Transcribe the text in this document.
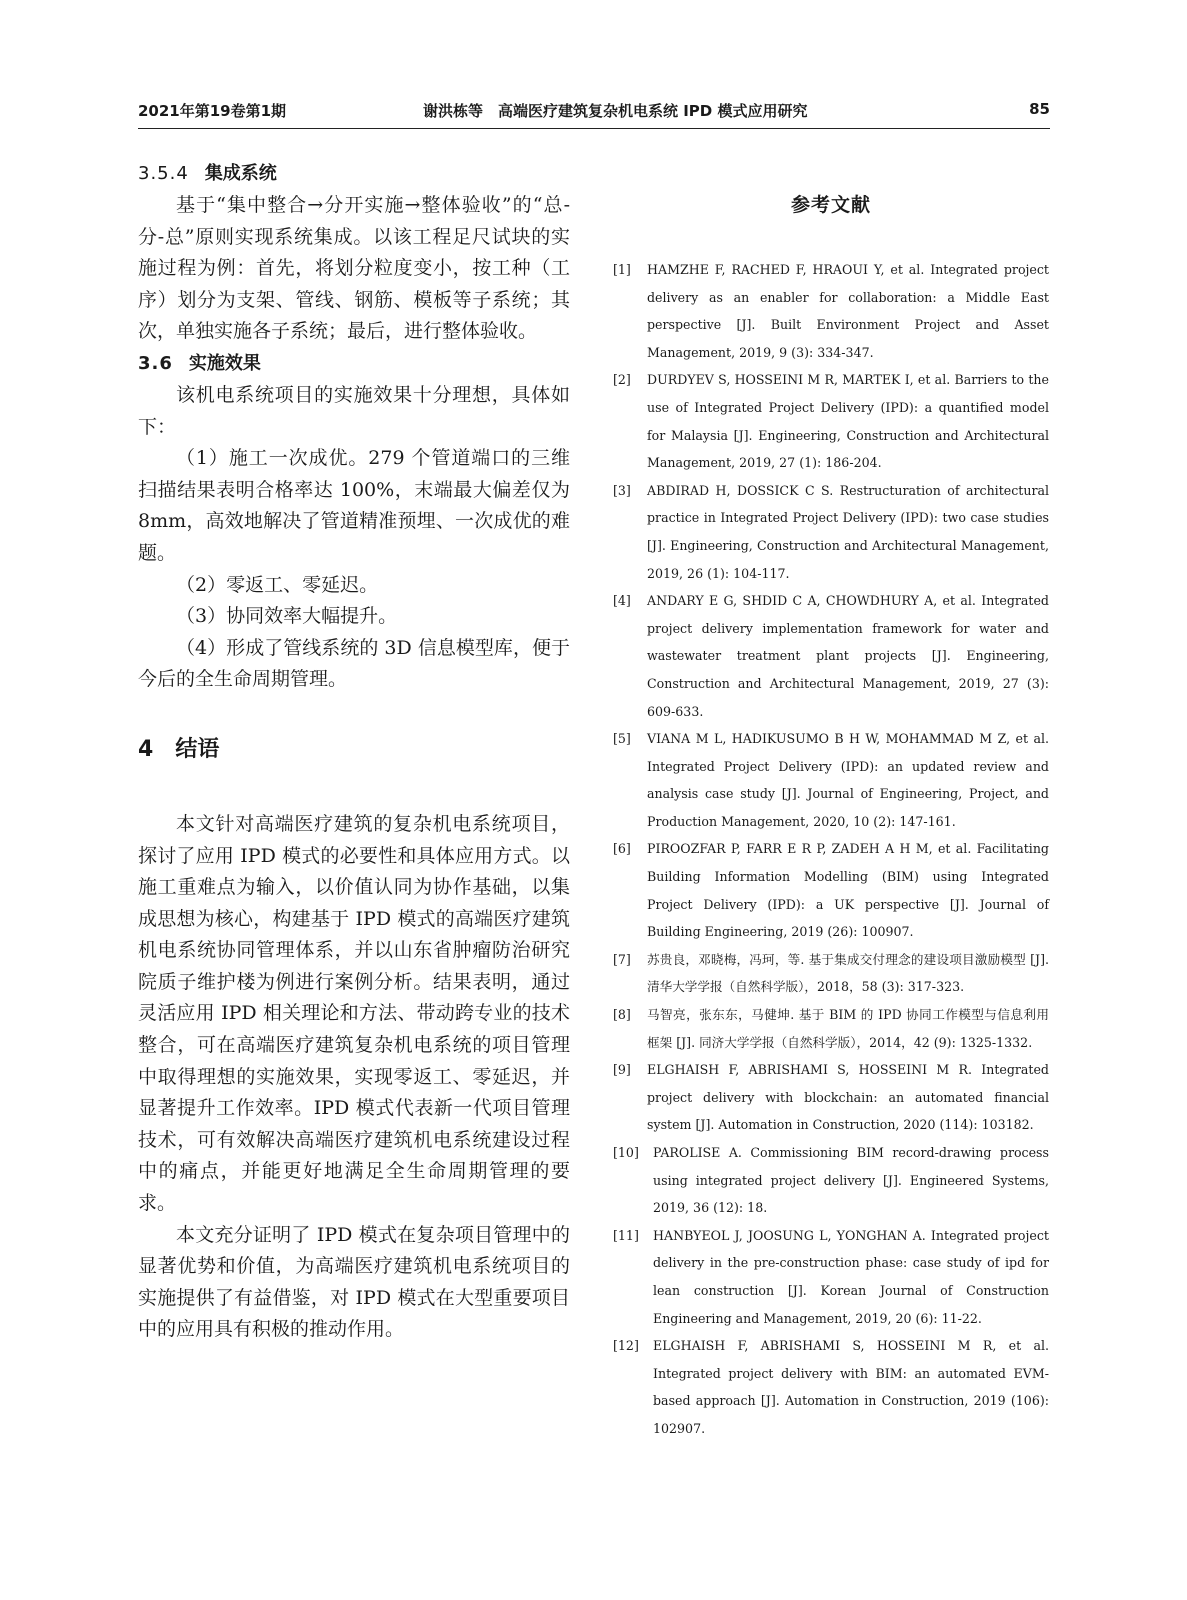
2021年第19卷第1期	谢洪栋等　高端医疗建筑复杂机电系统 IPD 模式应用研究	85
3.5.4 集成系统

基于“集中整合→分开实施→整体验收”的“总-分-总”原则实现系统集成。以该工程足尺试块的实施过程为例：首先，将划分粒度变小，按工种（工序）划分为支架、管线、钢筋、模板等子系统；其次，单独实施各子系统；最后，进行整体验收。

3.6 实施效果

该机电系统项目的实施效果十分理想，具体如下：

（1）施工一次成优。279 个管道端口的三维扫描结果表明合格率达 100%，末端最大偏差仅为 8mm，高效地解决了管道精准预埋、一次成优的难题。

（2）零返工、零延迟。

（3）协同效率大幅提升。

（4）形成了管线系统的 3D 信息模型库，便于今后的全生命周期管理。

4 结语

本文针对高端医疗建筑的复杂机电系统项目，探讨了应用 IPD 模式的必要性和具体应用方式。以施工重难点为输入，以价值认同为协作基础，以集成思想为核心，构建基于 IPD 模式的高端医疗建筑机电系统协同管理体系，并以山东省肿瘤防治研究院质子维护楼为例进行案例分析。结果表明，通过灵活应用 IPD 相关理论和方法、带动跨专业的技术整合，可在高端医疗建筑复杂机电系统的项目管理中取得理想的实施效果，实现零返工、零延迟，并显著提升工作效率。IPD 模式代表新一代项目管理技术，可有效解决高端医疗建筑机电系统建设过程中的痛点，并能更好地满足全生命周期管理的要求。

本文充分证明了 IPD 模式在复杂项目管理中的显著优势和价值，为高端医疗建筑机电系统项目的实施提供了有益借鉴，对 IPD 模式在大型重要项目中的应用具有积极的推动作用。

参考文献
[1] HAMZHE F, RACHED F, HRAOUI Y, et al. Integrated project delivery as an enabler for collaboration: a Middle East perspective [J]. Built Environment Project and Asset Management, 2019, 9 (3): 334-347.
[2] DURDYEV S, HOSSEINI M R, MARTEK I, et al. Barriers to the use of Integrated Project Delivery (IPD): a quantified model for Malaysia [J]. Engineering, Construction and Architectural Management, 2019, 27 (1): 186-204.
[3] ABDIRAD H, DOSSICK C S. Restructuration of architectural practice in Integrated Project Delivery (IPD): two case studies [J]. Engineering, Construction and Architectural Management, 2019, 26 (1): 104-117.
[4] ANDARY E G, SHDID C A, CHOWDHURY A, et al. Integrated project delivery implementation framework for water and wastewater treatment plant projects [J]. Engineering, Construction and Architectural Management, 2019, 27 (3): 609-633.
[5] VIANA M L, HADIKUSUMO B H W, MOHAMMAD M Z, et al. Integrated Project Delivery (IPD): an updated review and analysis case study [J]. Journal of Engineering, Project, and Production Management, 2020, 10 (2): 147-161.
[6] PIROOZFAR P, FARR E R P, ZADEH A H M, et al. Facilitating Building Information Modelling (BIM) using Integrated Project Delivery (IPD): a UK perspective [J]. Journal of Building Engineering, 2019 (26): 100907.
[7] 苏贵良，邓晓梅，冯珂，等. 基于集成交付理念的建设项目激励模型 [J]. 清华大学学报（自然科学版），2018，58 (3): 317-323.
[8] 马智亮，张东东，马健坤. 基于 BIM 的 IPD 协同工作模型与信息利用框架 [J]. 同济大学学报（自然科学版），2014，42 (9): 1325-1332.
[9] ELGHAISH F, ABRISHAMI S, HOSSEINI M R. Integrated project delivery with blockchain: an automated financial system [J]. Automation in Construction, 2020 (114): 103182.
[10] PAROLISE A. Commissioning BIM record-drawing process using integrated project delivery [J]. Engineered Systems, 2019, 36 (12): 18.
[11] HANBYEOL J, JOOSUNG L, YONGHAN A. Integrated project delivery in the pre-construction phase: case study of ipd for lean construction [J]. Korean Journal of Construction Engineering and Management, 2019, 20 (6): 11-22.
[12] ELGHAISH F, ABRISHAMI S, HOSSEINI M R, et al. Integrated project delivery with BIM: an automated EVM-based approach [J]. Automation in Construction, 2019 (106): 102907.
